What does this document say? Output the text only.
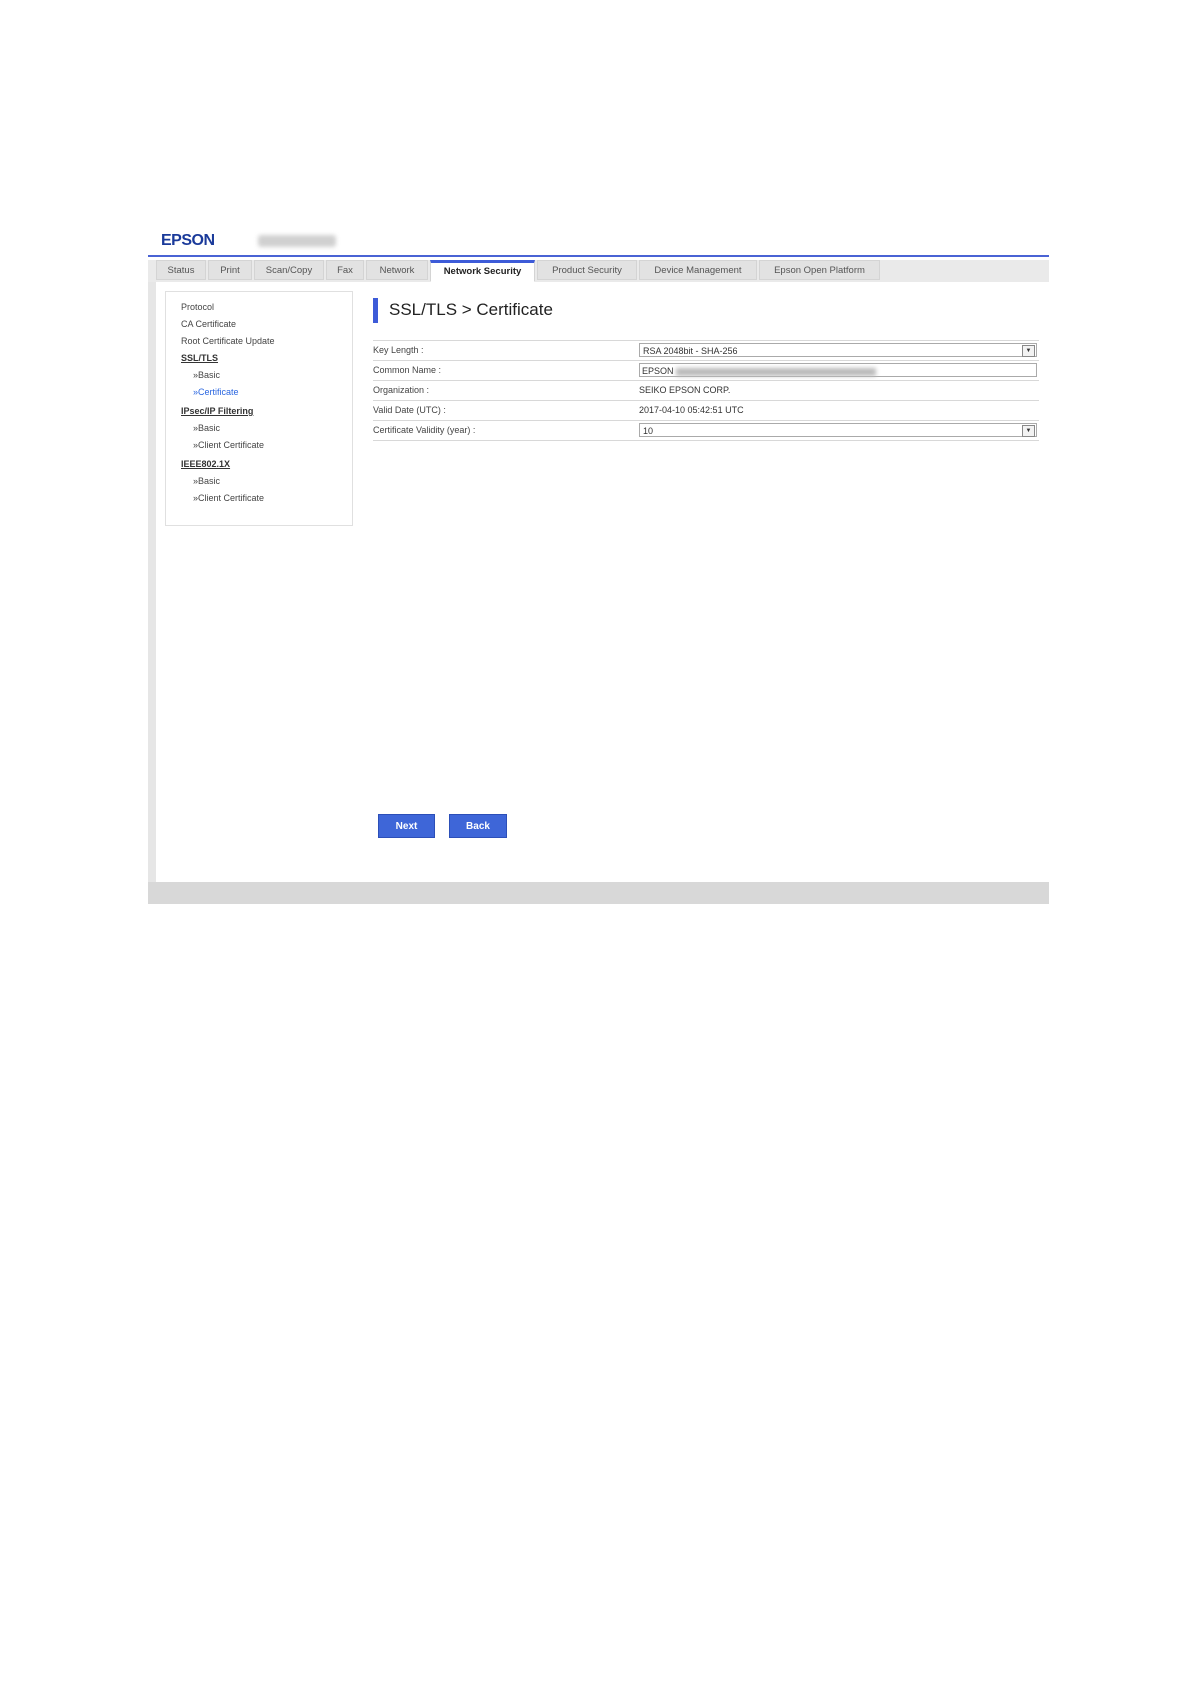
EPSON
Status	Print	Scan/Copy	Fax	Network	Network Security	Product Security	Device Management	Epson Open Platform
Protocol
CA Certificate
Root Certificate Update
SSL/TLS
»Basic
»Certificate
IPsec/IP Filtering
»Basic
»Client Certificate
IEEE802.1X
»Basic
»Client Certificate
SSL/TLS > Certificate
Key Length :	RSA 2048bit - SHA-256	▼
Common Name :	EPSON
Organization :	SEIKO EPSON CORP.
Valid Date (UTC) :	2017-04-10 05:42:51 UTC
Certificate Validity (year) :	10	▼
Next	Back
